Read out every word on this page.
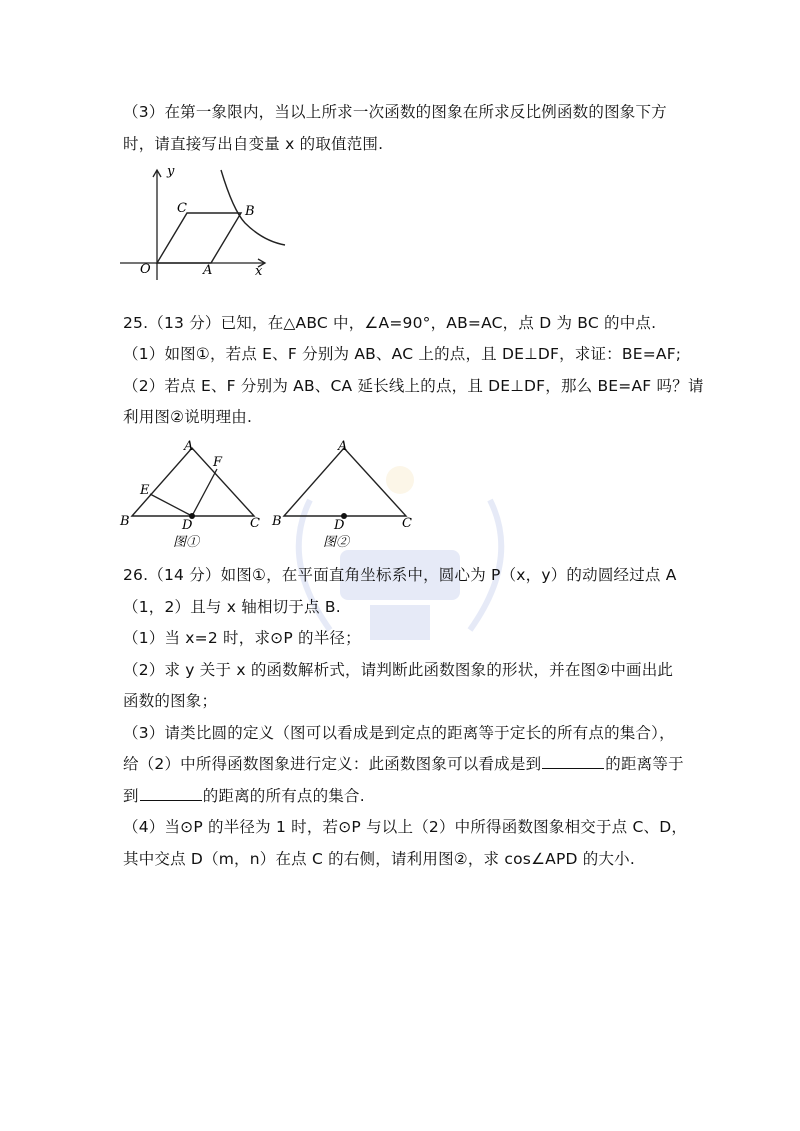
（3）在第一象限内，当以上所求一次函数的图象在所求反比例函数的图象下方
时，请直接写出自变量 x 的取值范围.
y
x
O	A
B
C
25.（13 分）已知，在△ABC 中，∠A=90°，AB=AC，点 D 为 BC 的中点.
（1）如图①，若点 E、F 分别为 AB、AC 上的点，且 DE⊥DF，求证：BE=AF;
（2）若点 E、F 分别为 AB、CA 延长线上的点，且 DE⊥DF，那么 BE=AF 吗？请
利用图②说明理由.
A
B	C
D
E
F
图①
A
B	C
D
图②
26.（14 分）如图①，在平面直角坐标系中，圆心为 P（x，y）的动圆经过点 A
（1，2）且与 x 轴相切于点 B.
（1）当 x=2 时，求⊙P 的半径；
（2）求 y 关于 x 的函数解析式，请判断此函数图象的形状，并在图②中画出此
函数的图象；
（3）请类比圆的定义（图可以看成是到定点的距离等于定长的所有点的集合），
给（2）中所得函数图象进行定义：此函数图象可以看成是到	的距离等于
到	的距离的所有点的集合.
（4）当⊙P 的半径为 1 时，若⊙P 与以上（2）中所得函数图象相交于点 C、D，
其中交点 D（m，n）在点 C 的右侧，请利用图②，求 cos∠APD 的大小.
